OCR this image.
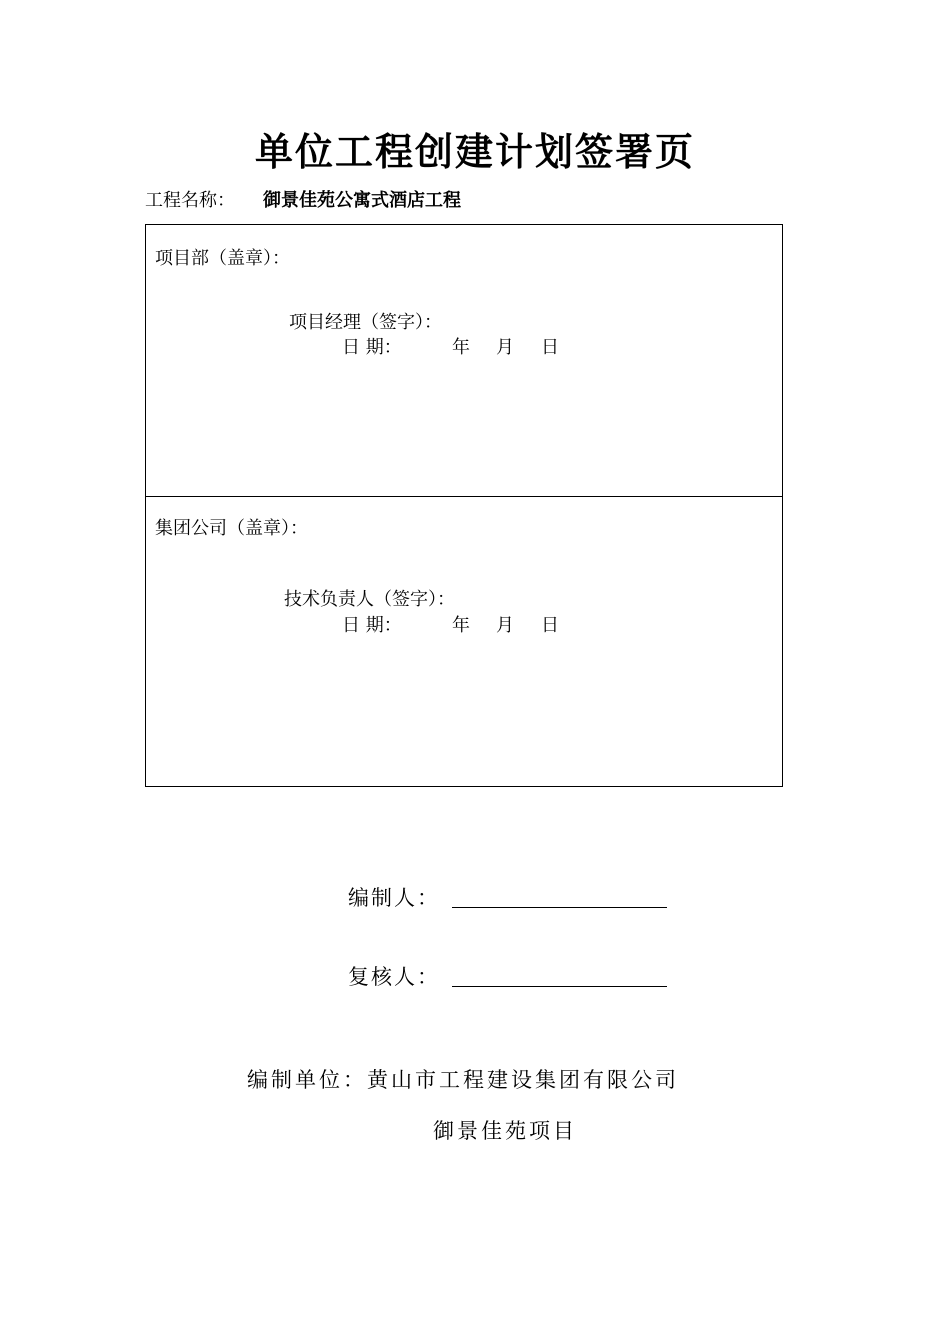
单位工程创建计划签署页
工程名称： 御景佳苑公寓式酒店工程
项目部（盖章）：
项目经理（签字）：
日 期：	年 月 日
集团公司（盖章）：
技术负责人（签字）：
日 期：	年 月 日
编制人：
复核人：
编制单位：黄山市工程建设集团有限公司
御景佳苑项目
